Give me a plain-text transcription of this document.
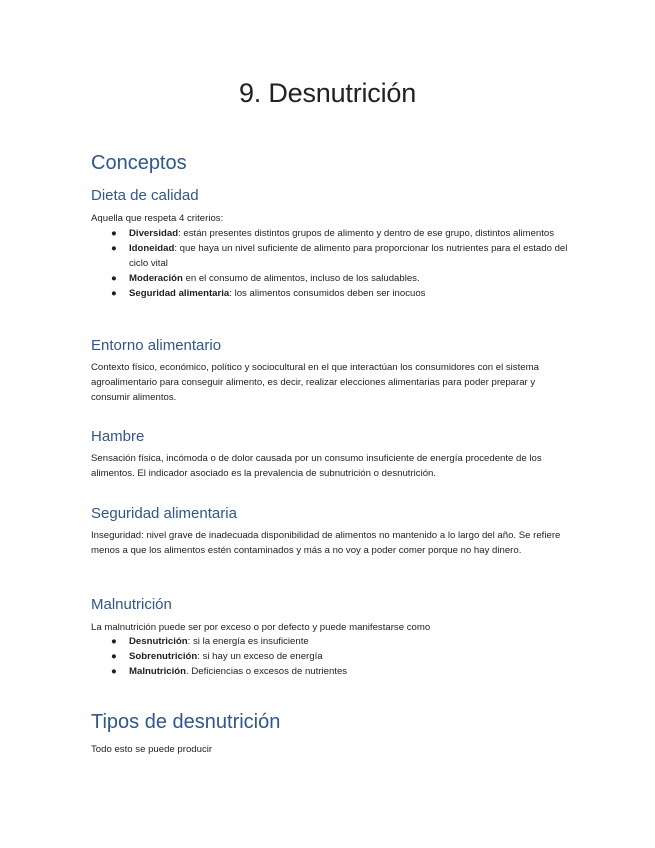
9. Desnutrición
Conceptos
Dieta de calidad
Aquella que respeta 4 criterios:
● Diversidad: están presentes distintos grupos de alimento y dentro de ese grupo, distintos alimentos
● Idoneidad: que haya un nivel suficiente de alimento para proporcionar los nutrientes para el estado del ciclo vital
● Moderación en el consumo de alimentos, incluso de los saludables.
● Seguridad alimentaria: los alimentos consumidos deben ser inocuos
Entorno alimentario
Contexto físico, económico, político y sociocultural en el que interactúan los consumidores con el sistema agroalimentario para conseguir alimento, es decir, realizar elecciones alimentarias para poder preparar y consumir alimentos.
Hambre
Sensación física, incómoda o de dolor causada por un consumo insuficiente de energía procedente de los alimentos. El indicador asociado es la prevalencia de subnutrición o desnutrición.
Seguridad alimentaria
Inseguridad: nivel grave de inadecuada disponibilidad de alimentos no mantenido a lo largo del año. Se refiere menos a que los alimentos estén contaminados y más a no voy a poder comer porque no hay dinero.
Malnutrición
La malnutrición puede ser por exceso o por defecto y puede manifestarse como
● Desnutrición: si la energía es insuficiente
● Sobrenutrición: si hay un exceso de energía
● Malnutrición. Deficiencias o excesos de nutrientes
Tipos de desnutrición
Todo esto se puede producir
